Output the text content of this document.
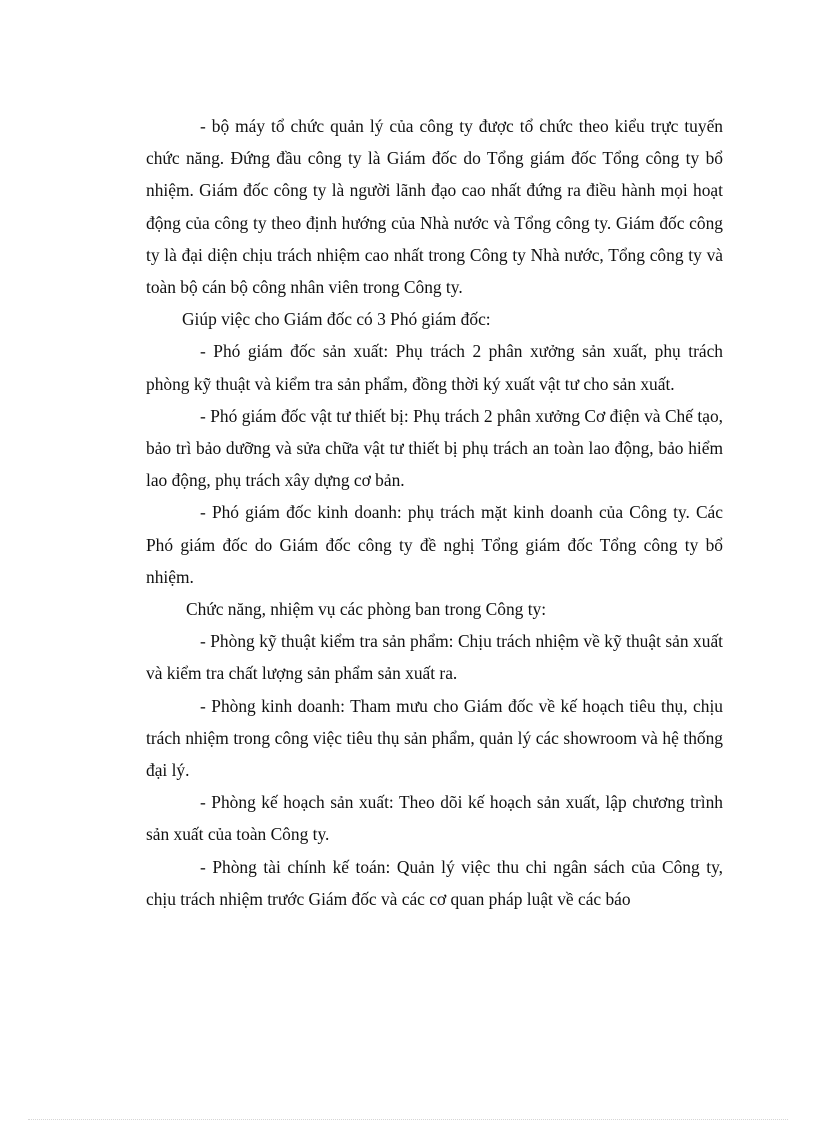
- bộ máy tổ chức quản lý của công ty được tổ chức theo kiểu trực tuyến chức năng. Đứng đầu công ty là Giám đốc do Tổng giám đốc Tổng công ty bổ nhiệm. Giám đốc công ty là người lãnh đạo cao nhất đứng ra điều hành mọi hoạt động của công ty theo định hướng của Nhà nước và Tổng công ty. Giám đốc công ty là đại diện chịu trách nhiệm cao nhất trong Công ty Nhà nước, Tổng công ty và toàn bộ cán bộ công nhân viên trong Công ty.

Giúp việc cho Giám đốc có 3 Phó giám đốc:

- Phó giám đốc sản xuất: Phụ trách 2 phân xưởng sản xuất, phụ trách phòng kỹ thuật và kiểm tra sản phẩm, đồng thời ký xuất vật tư cho sản xuất.

- Phó giám đốc vật tư thiết bị: Phụ trách 2 phân xưởng Cơ điện và Chế tạo, bảo trì bảo dưỡng và sửa chữa vật tư thiết bị phụ trách an toàn lao động, bảo hiểm lao động, phụ trách xây dựng cơ bản.

- Phó giám đốc kinh doanh: phụ trách mặt kinh doanh của Công ty. Các Phó giám đốc do Giám đốc công ty đề nghị Tổng giám đốc Tổng công ty bổ nhiệm.

Chức năng, nhiệm vụ các phòng ban trong Công ty:

- Phòng kỹ thuật kiểm tra sản phẩm: Chịu trách nhiệm về kỹ thuật sản xuất và kiểm tra chất lượng sản phẩm sản xuất ra.

- Phòng kinh doanh: Tham mưu cho Giám đốc về kế hoạch tiêu thụ, chịu trách nhiệm trong công việc tiêu thụ sản phẩm, quản lý các showroom và hệ thống đại lý.

- Phòng kế hoạch sản xuất: Theo dõi kế hoạch sản xuất, lập chương trình sản xuất của toàn Công ty.

- Phòng tài chính kế toán: Quản lý việc thu chi ngân sách của Công ty, chịu trách nhiệm trước Giám đốc và các cơ quan pháp luật về các báo
